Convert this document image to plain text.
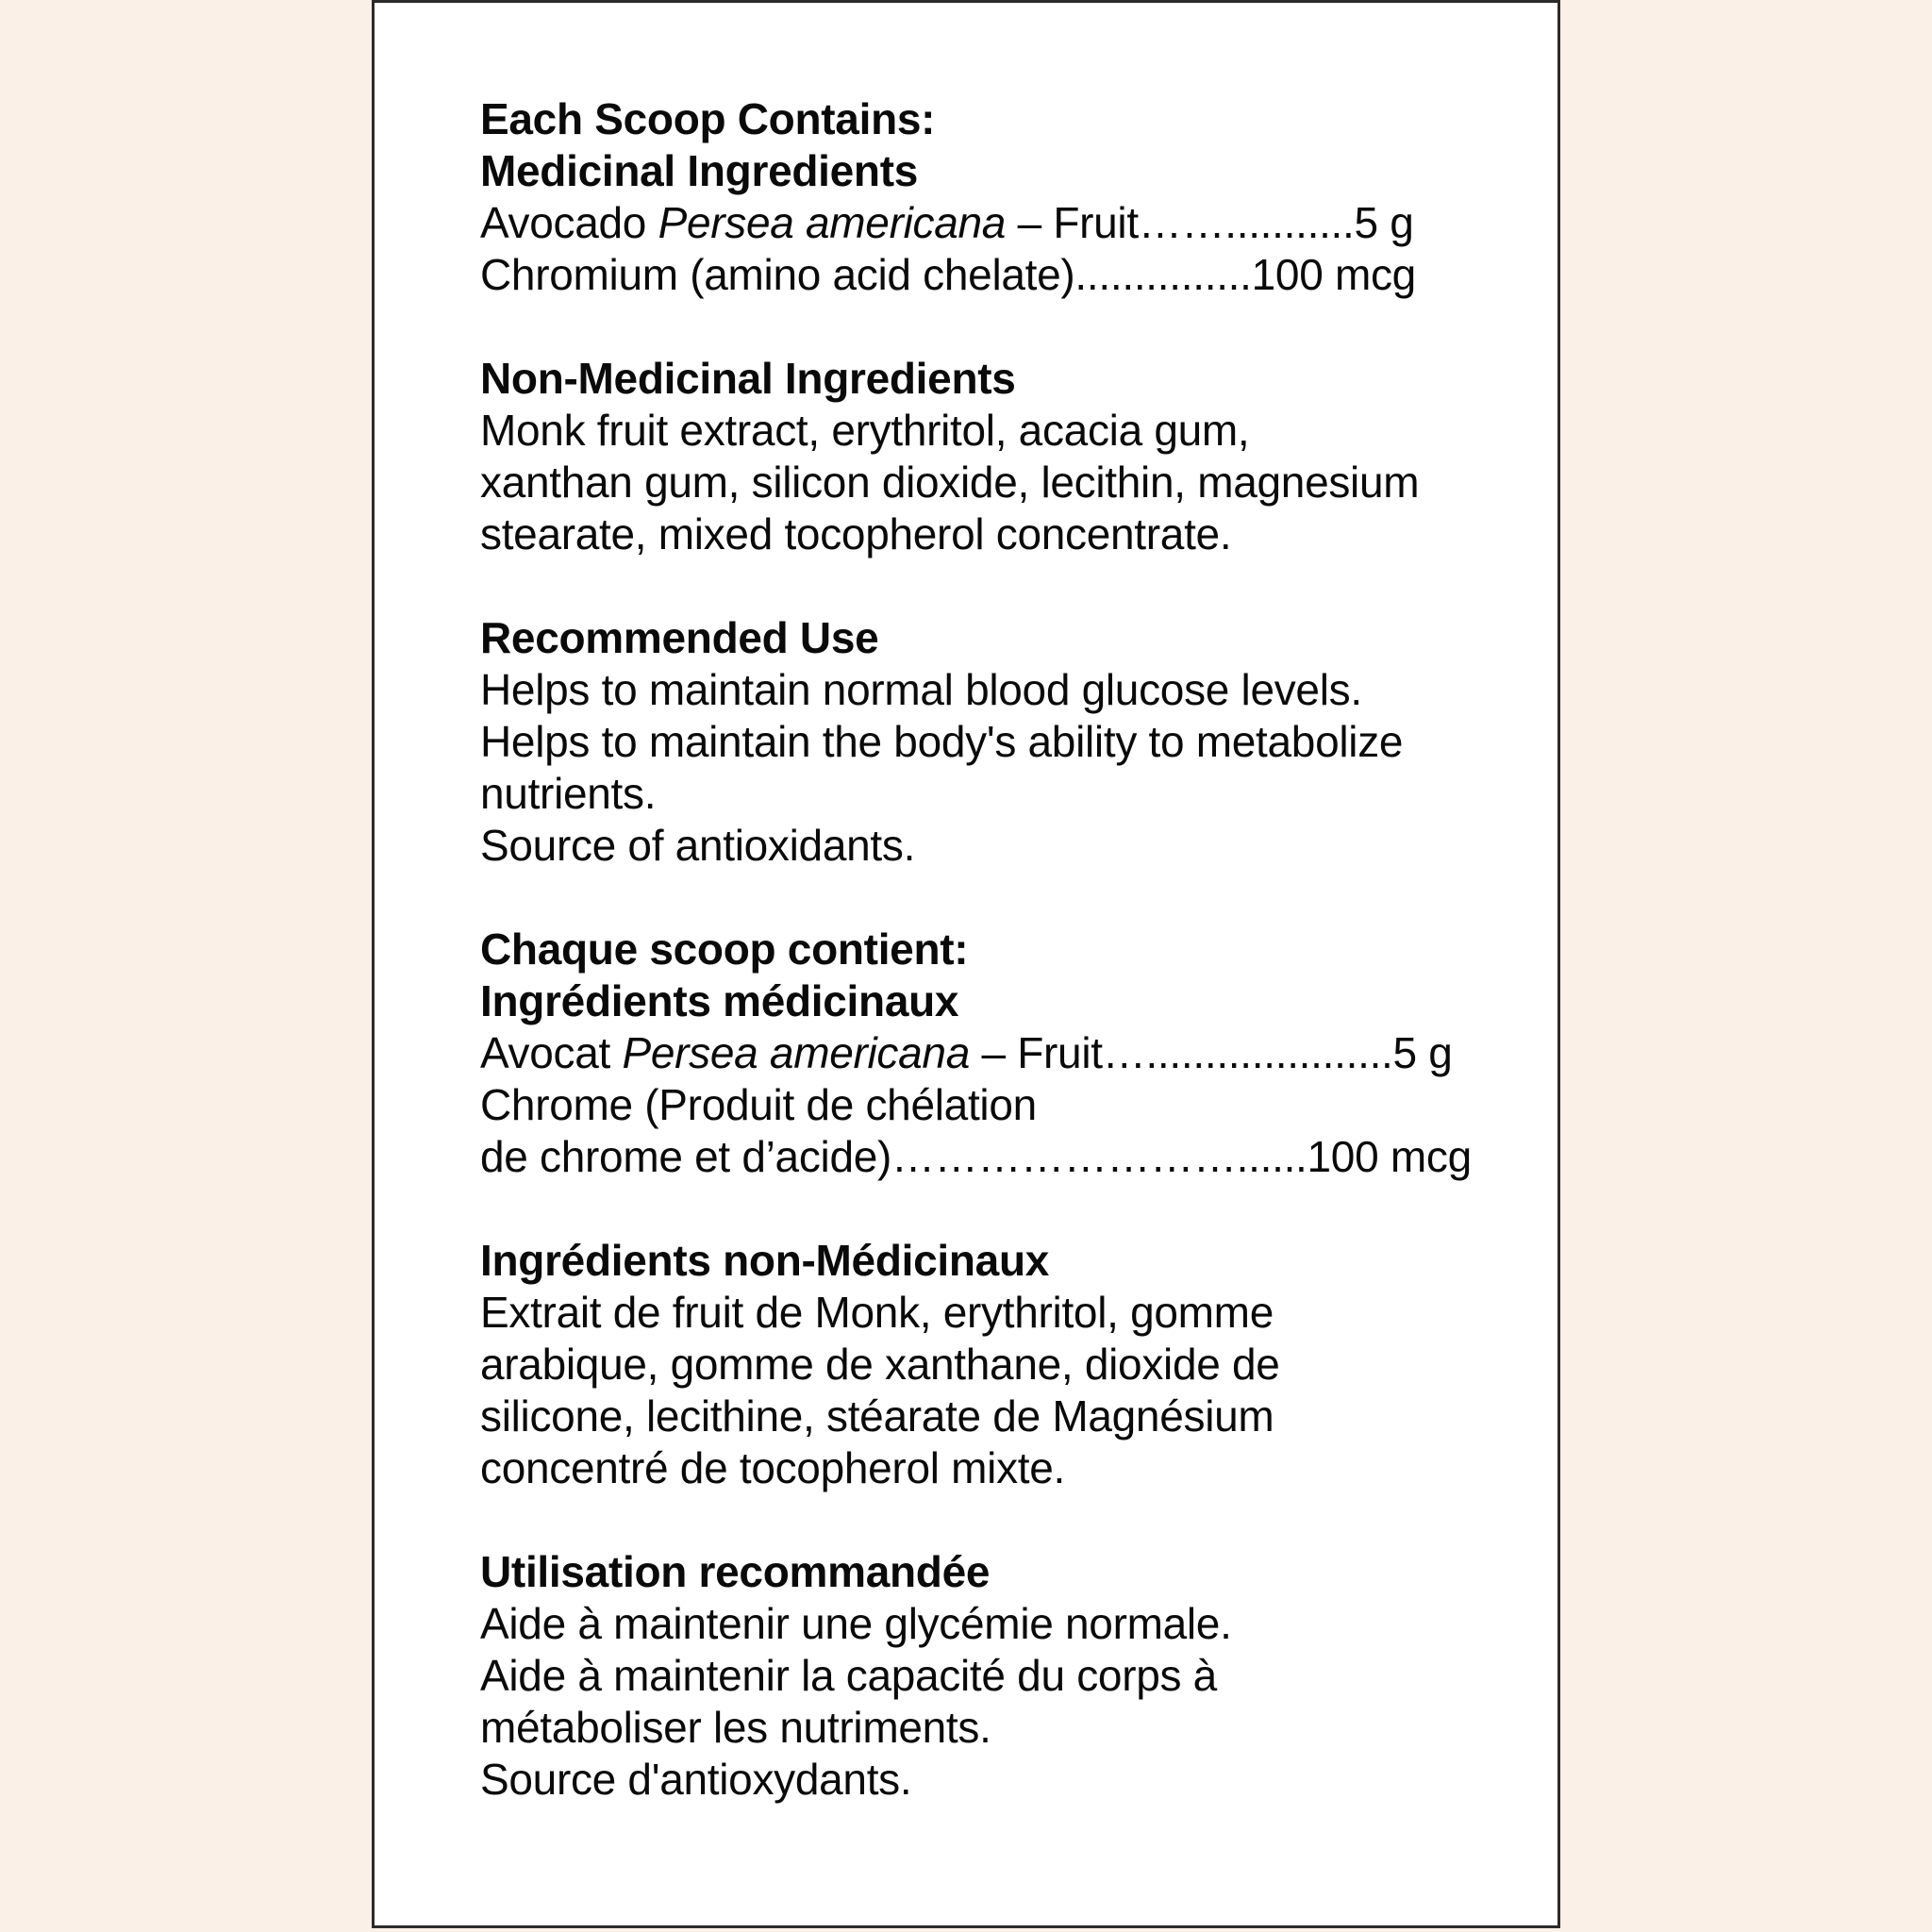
Each Scoop Contains:
Medicinal Ingredients
Avocado Persea americana – Fruit……...........5 g
Chromium (amino acid chelate)...............100 mcg
Non-Medicinal Ingredients
Monk fruit extract, erythritol, acacia gum,
xanthan gum, silicon dioxide, lecithin, magnesium
stearate, mixed tocopherol concentrate.
Recommended Use
Helps to maintain normal blood glucose levels.
Helps to maintain the body's ability to metabolize
nutrients.
Source of antioxidants.
Chaque scoop contient:
Ingrédients médicinaux
Avocat Persea americana – Fruit….....................5 g
Chrome (Produit de chélation
de chrome et d’acide)……………………......100 mcg
Ingrédients non-Médicinaux
Extrait de fruit de Monk, erythritol, gomme
arabique, gomme de xanthane, dioxide de
silicone, lecithine, stéarate de Magnésium
concentré de tocopherol mixte.
Utilisation recommandée
Aide à maintenir une glycémie normale.
Aide à maintenir la capacité du corps à
métaboliser les nutriments.
Source d'antioxydants.
